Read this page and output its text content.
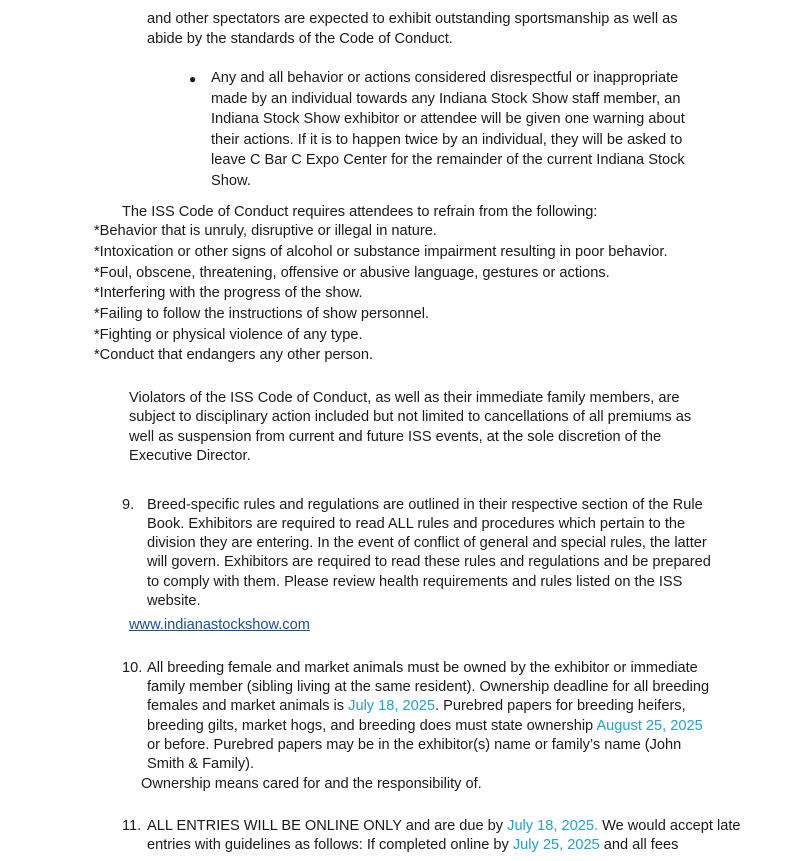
and other spectators are expected to exhibit outstanding sportsmanship as well as
abide by the standards of the Code of Conduct.
● Any and all behavior or actions considered disrespectful or inappropriate
made by an individual towards any Indiana Stock Show staff member, an
Indiana Stock Show exhibitor or attendee will be given one warning about
their actions. If it is to happen twice by an individual, they will be asked to
leave C Bar C Expo Center for the remainder of the current Indiana Stock
Show.
The ISS Code of Conduct requires attendees to refrain from the following:
*Behavior that is unruly, disruptive or illegal in nature.
*Intoxication or other signs of alcohol or substance impairment resulting in poor behavior.
*Foul, obscene, threatening, offensive or abusive language, gestures or actions.
*Interfering with the progress of the show.
*Failing to follow the instructions of show personnel.
*Fighting or physical violence of any type.
*Conduct that endangers any other person.
Violators of the ISS Code of Conduct, as well as their immediate family members, are
subject to disciplinary action included but not limited to cancellations of all premiums as
well as suspension from current and future ISS events, at the sole discretion of the
Executive Director.
9. Breed-specific rules and regulations are outlined in their respective section of the Rule
Book. Exhibitors are required to read ALL rules and procedures which pertain to the
division they are entering. In the event of conflict of general and special rules, the latter
will govern. Exhibitors are required to read these rules and regulations and be prepared
to comply with them. Please review health requirements and rules listed on the ISS
website.
www.indianastockshow.com
10. All breeding female and market animals must be owned by the exhibitor or immediate
family member (sibling living at the same resident). Ownership deadline for all breeding
females and market animals is July 18, 2025. Purebred papers for breeding heifers,
breeding gilts, market hogs, and breeding does must state ownership August 25, 2025
or before. Purebred papers may be in the exhibitor(s) name or family’s name (John
Smith & Family).
Ownership means cared for and the responsibility of.
11. ALL ENTRIES WILL BE ONLINE ONLY and are due by July 18, 2025. We would accept late
entries with guidelines as follows: If completed online by July 25, 2025 and all fees
